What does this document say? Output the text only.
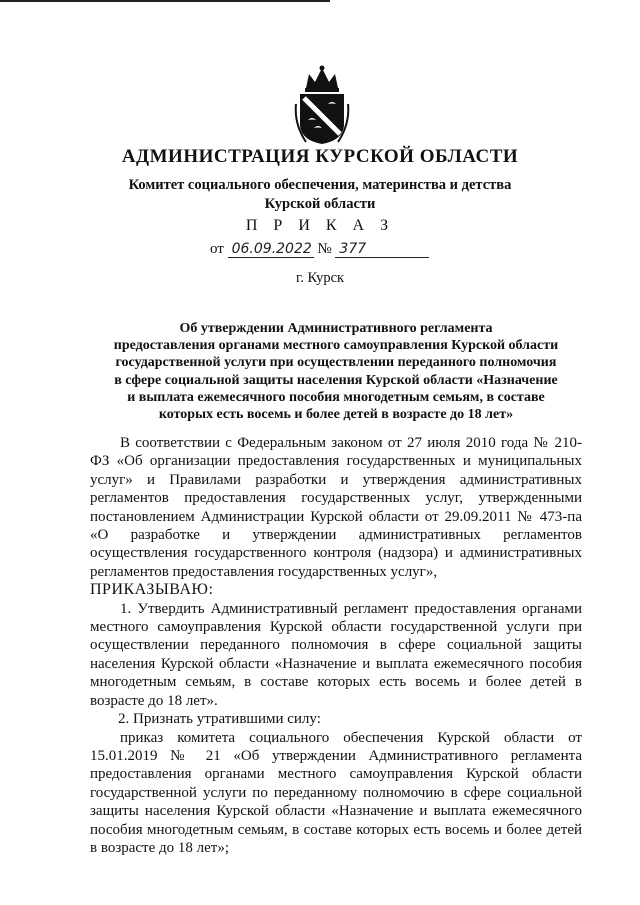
АДМИНИСТРАЦИЯ КУРСКОЙ ОБЛАСТИ
Комитет социального обеспечения, материнства и детства
Курской области
П Р И К А З
от 06.09.2022 № 377
г. Курск
Об утверждении Административного регламента
предоставления органами местного самоуправления Курской области
государственной услуги при осуществлении переданного полномочия
в сфере социальной защиты населения Курской области «Назначение
и выплата ежемесячного пособия многодетным семьям, в составе
которых есть восемь и более детей в возрасте до 18 лет»

В соответствии с Федеральным законом от 27 июля 2010 года № 210-ФЗ «Об организации предоставления государственных и муниципальных услуг» и Правилами разработки и утверждения административных регламентов предоставления государственных услуг, утвержденными постановлением Администрации Курской области от 29.09.2011 № 473-па «О разработке и утверждении административных регламентов осуществления государственного контроля (надзора) и административных регламентов предоставления государственных услуг»,

ПРИКАЗЫВАЮ:

1. Утвердить Административный регламент предоставления органами местного самоуправления Курской области государственной услуги при осуществлении переданного полномочия в сфере социальной защиты населения Курской области «Назначение и выплата ежемесячного пособия многодетным семьям, в составе которых есть восемь и более детей в возрасте до 18 лет».

2. Признать утратившими силу:

приказ комитета социального обеспечения Курской области от 15.01.2019 № 21 «Об утверждении Административного регламента предоставления органами местного самоуправления Курской области государственной услуги по переданному полномочию в сфере социальной защиты населения Курской области «Назначение и выплата ежемесячного пособия многодетным семьям, в составе которых есть восемь и более детей в возрасте до 18 лет»;
